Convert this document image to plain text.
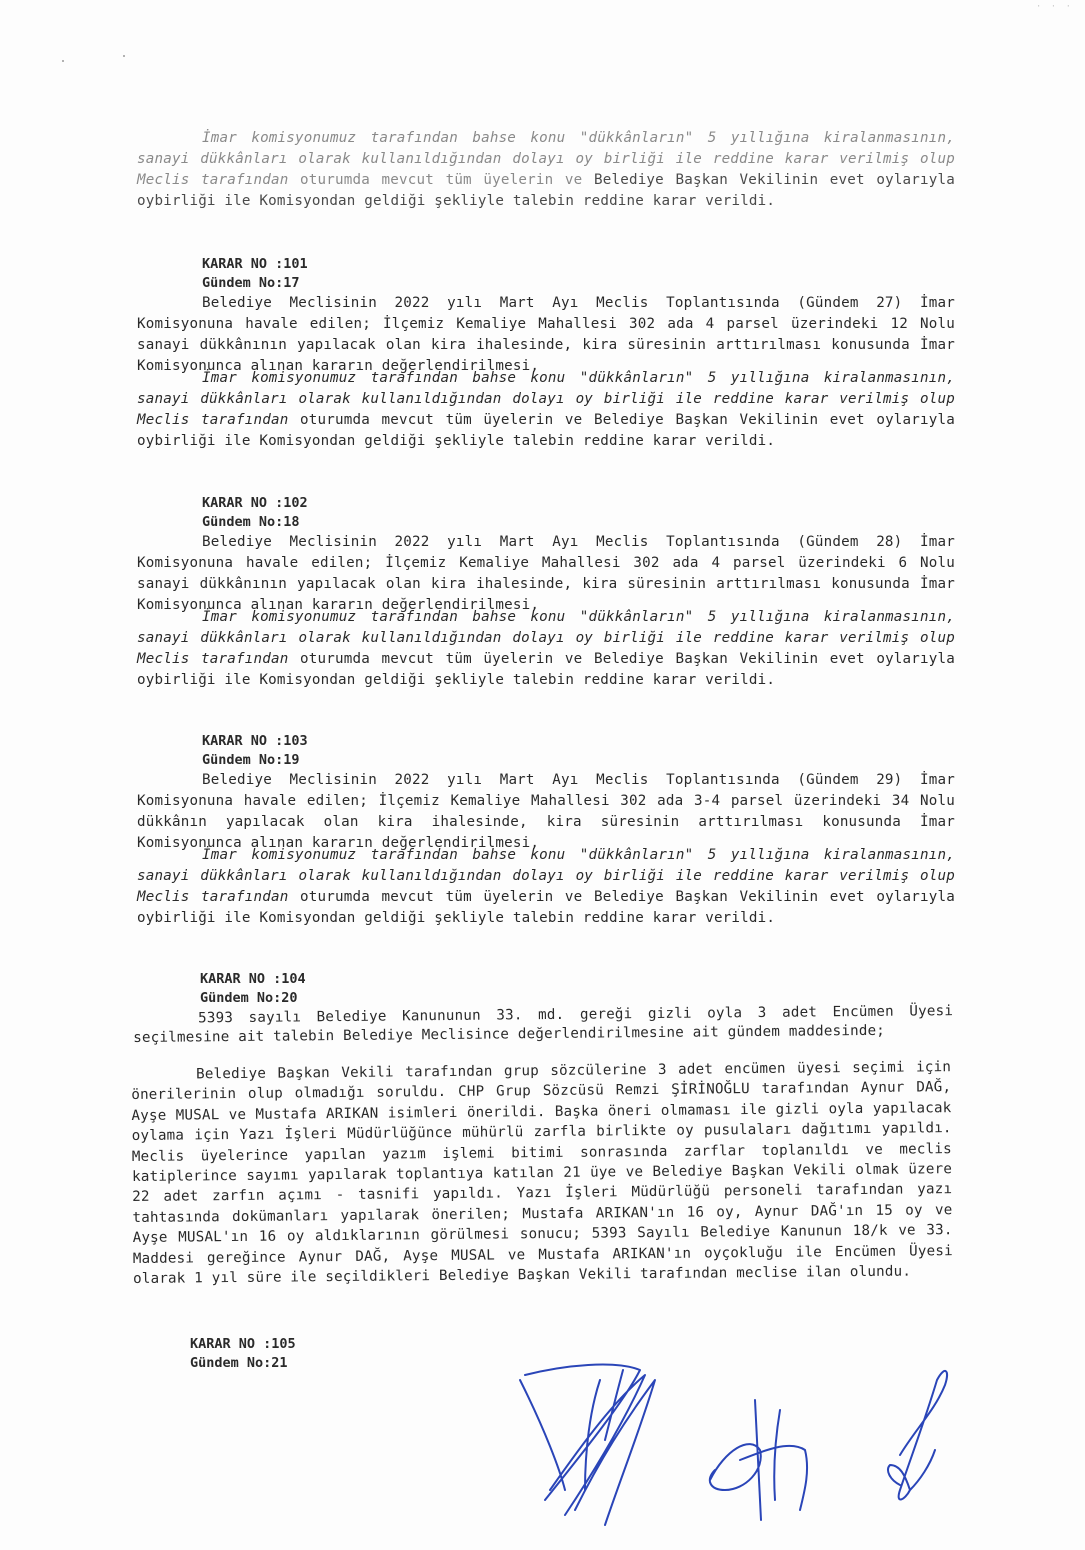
· · ·
İmar komisyonumuz tarafından bahse konu "dükkânların" 5 yıllığına kiralanmasının, sanayi dükkânları olarak kullanıldığından dolayı oy birliği ile reddine karar verilmiş olup Meclis tarafından oturumda mevcut tüm üyelerin ve Belediye Başkan Vekilinin evet oylarıyla oybirliği ile Komisyondan geldiği şekliyle talebin reddine karar verildi.
KARAR NO :101
Gündem No:17
Belediye Meclisinin 2022 yılı Mart Ayı Meclis Toplantısında (Gündem 27) İmar Komisyonuna havale edilen; İlçemiz Kemaliye Mahallesi 302 ada 4 parsel üzerindeki 12 Nolu sanayi dükkânının yapılacak olan kira ihalesinde, kira süresinin arttırılması konusunda İmar Komisyonunca alınan kararın değerlendirilmesi,
İmar komisyonumuz tarafından bahse konu "dükkânların" 5 yıllığına kiralanmasının, sanayi dükkânları olarak kullanıldığından dolayı oy birliği ile reddine karar verilmiş olup Meclis tarafından oturumda mevcut tüm üyelerin ve Belediye Başkan Vekilinin evet oylarıyla oybirliği ile Komisyondan geldiği şekliyle talebin reddine karar verildi.
KARAR NO :102
Gündem No:18
Belediye Meclisinin 2022 yılı Mart Ayı Meclis Toplantısında (Gündem 28) İmar Komisyonuna havale edilen; İlçemiz Kemaliye Mahallesi 302 ada 4 parsel üzerindeki 6 Nolu sanayi dükkânının yapılacak olan kira ihalesinde, kira süresinin arttırılması konusunda İmar Komisyonunca alınan kararın değerlendirilmesi,
İmar komisyonumuz tarafından bahse konu "dükkânların" 5 yıllığına kiralanmasının, sanayi dükkânları olarak kullanıldığından dolayı oy birliği ile reddine karar verilmiş olup Meclis tarafından oturumda mevcut tüm üyelerin ve Belediye Başkan Vekilinin evet oylarıyla oybirliği ile Komisyondan geldiği şekliyle talebin reddine karar verildi.
KARAR NO :103
Gündem No:19
Belediye Meclisinin 2022 yılı Mart Ayı Meclis Toplantısında (Gündem 29) İmar Komisyonuna havale edilen; İlçemiz Kemaliye Mahallesi 302 ada 3-4 parsel üzerindeki 34 Nolu dükkânın yapılacak olan kira ihalesinde, kira süresinin arttırılması konusunda İmar Komisyonunca alınan kararın değerlendirilmesi,
İmar komisyonumuz tarafından bahse konu "dükkânların" 5 yıllığına kiralanmasının, sanayi dükkânları olarak kullanıldığından dolayı oy birliği ile reddine karar verilmiş olup Meclis tarafından oturumda mevcut tüm üyelerin ve Belediye Başkan Vekilinin evet oylarıyla oybirliği ile Komisyondan geldiği şekliyle talebin reddine karar verildi.
KARAR NO :104
Gündem No:20
5393 sayılı Belediye Kanununun 33. md. gereği gizli oyla 3 adet Encümen Üyesi seçilmesine ait talebin Belediye Meclisince değerlendirilmesine ait gündem maddesinde;
Belediye Başkan Vekili tarafından grup sözcülerine 3 adet encümen üyesi seçimi için önerilerinin olup olmadığı soruldu. CHP Grup Sözcüsü Remzi ŞİRİNOĞLU tarafından Aynur DAĞ, Ayşe MUSAL ve Mustafa ARIKAN isimleri önerildi. Başka öneri olmaması ile gizli oyla yapılacak oylama için Yazı İşleri Müdürlüğünce mühürlü zarfla birlikte oy pusulaları dağıtımı yapıldı. Meclis üyelerince yapılan yazım işlemi bitimi sonrasında zarflar toplanıldı ve meclis katiplerince sayımı yapılarak toplantıya katılan 21 üye ve Belediye Başkan Vekili olmak üzere 22 adet zarfın açımı - tasnifi yapıldı. Yazı İşleri Müdürlüğü personeli tarafından yazı tahtasında dokümanları yapılarak önerilen; Mustafa ARIKAN'ın 16 oy, Aynur DAĞ'ın 15 oy ve Ayşe MUSAL'ın 16 oy aldıklarının görülmesi sonucu; 5393 Sayılı Belediye Kanunun 18/k ve 33. Maddesi gereğince Aynur DAĞ, Ayşe MUSAL ve Mustafa ARIKAN'ın oyçokluğu ile Encümen Üyesi olarak 1 yıl süre ile seçildikleri Belediye Başkan Vekili tarafından meclise ilan olundu.
KARAR NO :105
Gündem No:21
